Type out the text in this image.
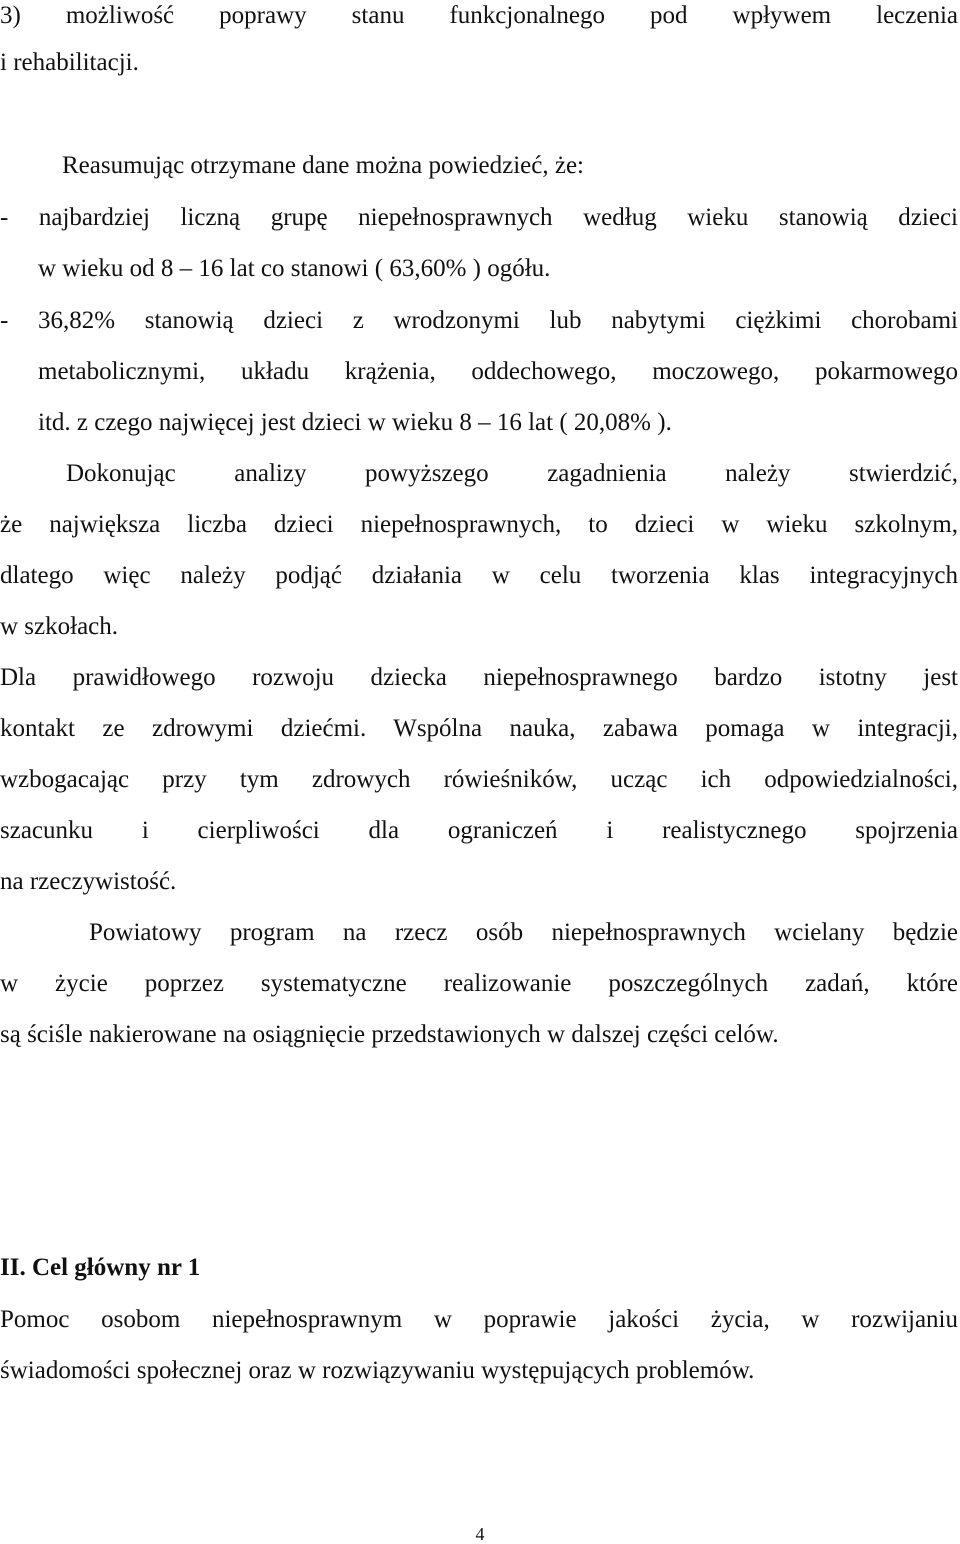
3) możliwość poprawy stanu funkcjonalnego pod wpływem leczenia
i rehabilitacji.
Reasumując otrzymane dane można powiedzieć, że:
- najbardziej liczną grupę niepełnosprawnych według wieku stanowią dzieci
w wieku od 8 – 16 lat co stanowi ( 63,60% ) ogółu.
- 36,82% stanowią dzieci z wrodzonymi lub nabytymi ciężkimi chorobami
metabolicznymi, układu krążenia, oddechowego, moczowego, pokarmowego
itd. z czego najwięcej jest dzieci w wieku 8 – 16 lat ( 20,08% ).
Dokonując analizy powyższego zagadnienia należy stwierdzić,
że największa liczba dzieci niepełnosprawnych, to dzieci w wieku szkolnym,
dlatego więc należy podjąć działania w celu tworzenia klas integracyjnych
w szkołach.
Dla prawidłowego rozwoju dziecka niepełnosprawnego bardzo istotny jest
kontakt ze zdrowymi dziećmi. Wspólna nauka, zabawa pomaga w integracji,
wzbogacając przy tym zdrowych rówieśników, ucząc ich odpowiedzialności,
szacunku i cierpliwości dla ograniczeń i realistycznego spojrzenia
na rzeczywistość.
Powiatowy program na rzecz osób niepełnosprawnych wcielany będzie
w życie poprzez systematyczne realizowanie poszczególnych zadań, które
są ściśle nakierowane na osiągnięcie przedstawionych w dalszej części celów.
II. Cel główny nr 1
Pomoc osobom niepełnosprawnym w poprawie jakości życia, w rozwijaniu
świadomości społecznej oraz w rozwiązywaniu występujących problemów.
4
